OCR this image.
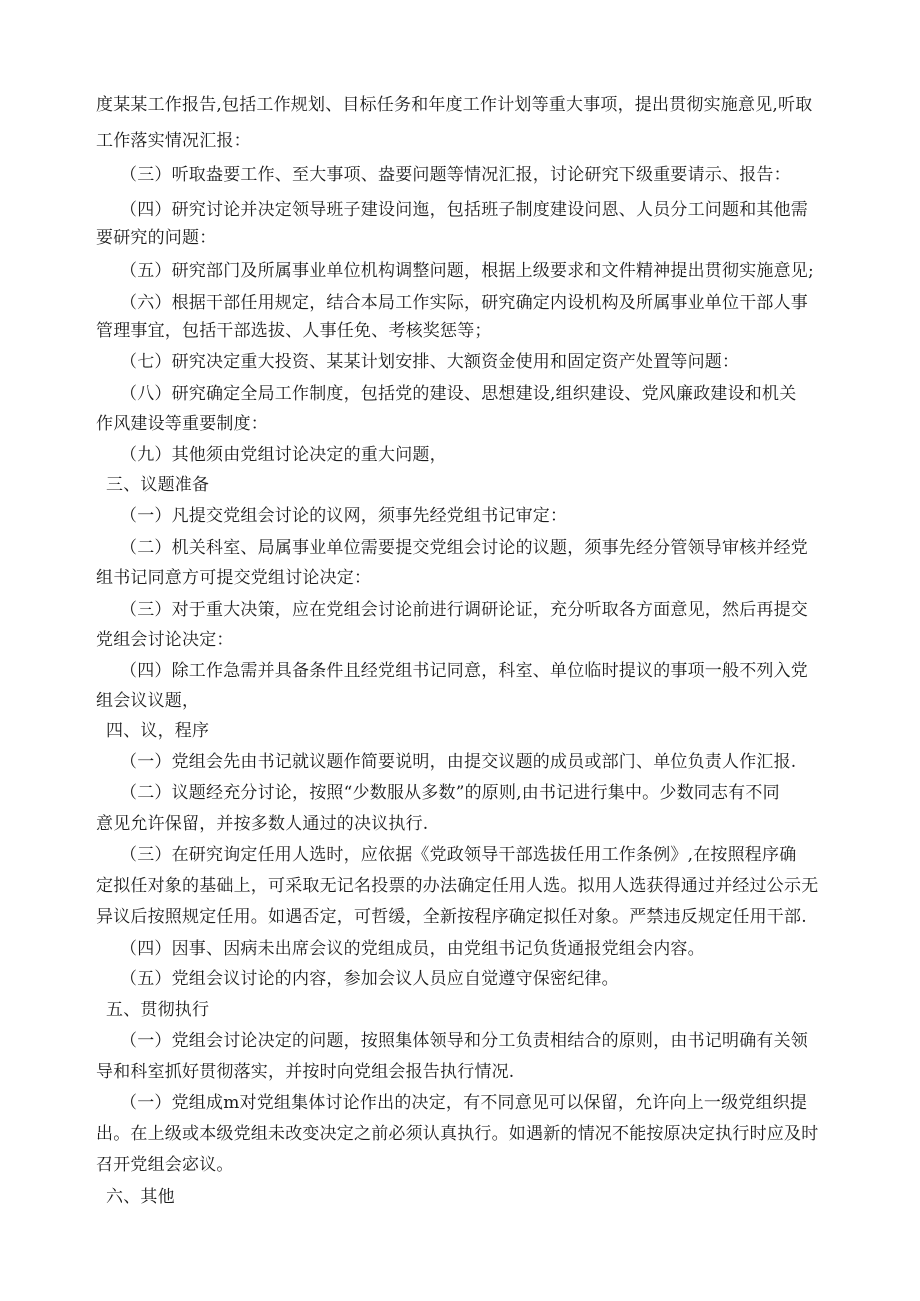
度某某工作报告,包括工作规划、目标任务和年度工作计划等重大事项，提出贯彻实施意见,听取
工作落实情况汇报：
（三）听取盎要工作、至大事项、盎要问题等情况汇报，讨论研究下级重要请示、报告：
（四）研究讨论并决定领导班子建设问迤，包括班子制度建设问恩、人员分工问题和其他需
要研究的问题：
（五）研究部门及所属事业单位机构调整问题，根据上级要求和文件精神提出贯彻实施意见;
（六）根据干部任用规定，结合本局工作实际，研究确定内设机构及所属事业单位干部人事
管理事宜，包括干部选拔、人事任免、考核奖惩等；
（七）研究决定重大投资、某某计划安排、大额资金使用和固定资产处置等问题：
（八）研究确定全局工作制度，包括党的建设、思想建设,组织建设、党风廉政建设和机关
作风建设等重要制度：
（九）其他须由党组讨论决定的重大问题，
三、议题准备
（一）凡提交党组会讨论的议网，须事先经党组书记审定：
（二）机关科室、局属事业单位需要提交党组会讨论的议题，须事先经分管领导审核并经党
组书记同意方可提交党组讨论决定：
（三）对于重大决策，应在党组会讨论前进行调研论证，充分听取各方面意见，然后再提交
党组会讨论决定：
（四）除工作急需并具备条件且经党组书记同意，科室、单位临时提议的事项一般不列入党
组会议议题，
四、议，程序
（一）党组会先由书记就议题作简要说明，由提交议题的成员或部门、单位负责人作汇报.
（二）议题经充分讨论，按照“少数服从多数”的原则,由书记进行集中。少数同志有不同
意见允许保留，并按多数人通过的决议执行.
（三）在研究询定任用人选时，应依据《党政领导干部选拔任用工作条例》,在按照程序确
定拟任对象的基础上，可采取无记名投票的办法确定任用人选。拟用人选获得通过并经过公示无
异议后按照规定任用。如遇否定，可哲缓，全新按程序确定拟任对象。严禁违反规定任用干部.
（四）因事、因病未出席会议的党组成员，由党组书记负货通报党组会内容。
（五）党组会议讨论的内容，参加会议人员应自觉遵守保密纪律。
五、贯彻执行
（一）党组会讨论决定的问题，按照集体领导和分工负责相结合的原则，由书记明确有关领
导和科室抓好贯彻落实，并按时向党组会报告执行情况.
（一）党组成m对党组集体讨论作出的决定，有不同意见可以保留，允许向上一级党组织提
出。在上级或本级党组未改变决定之前必须认真执行。如遇新的情况不能按原决定执行时应及时
召开党组会宓议。
六、其他
